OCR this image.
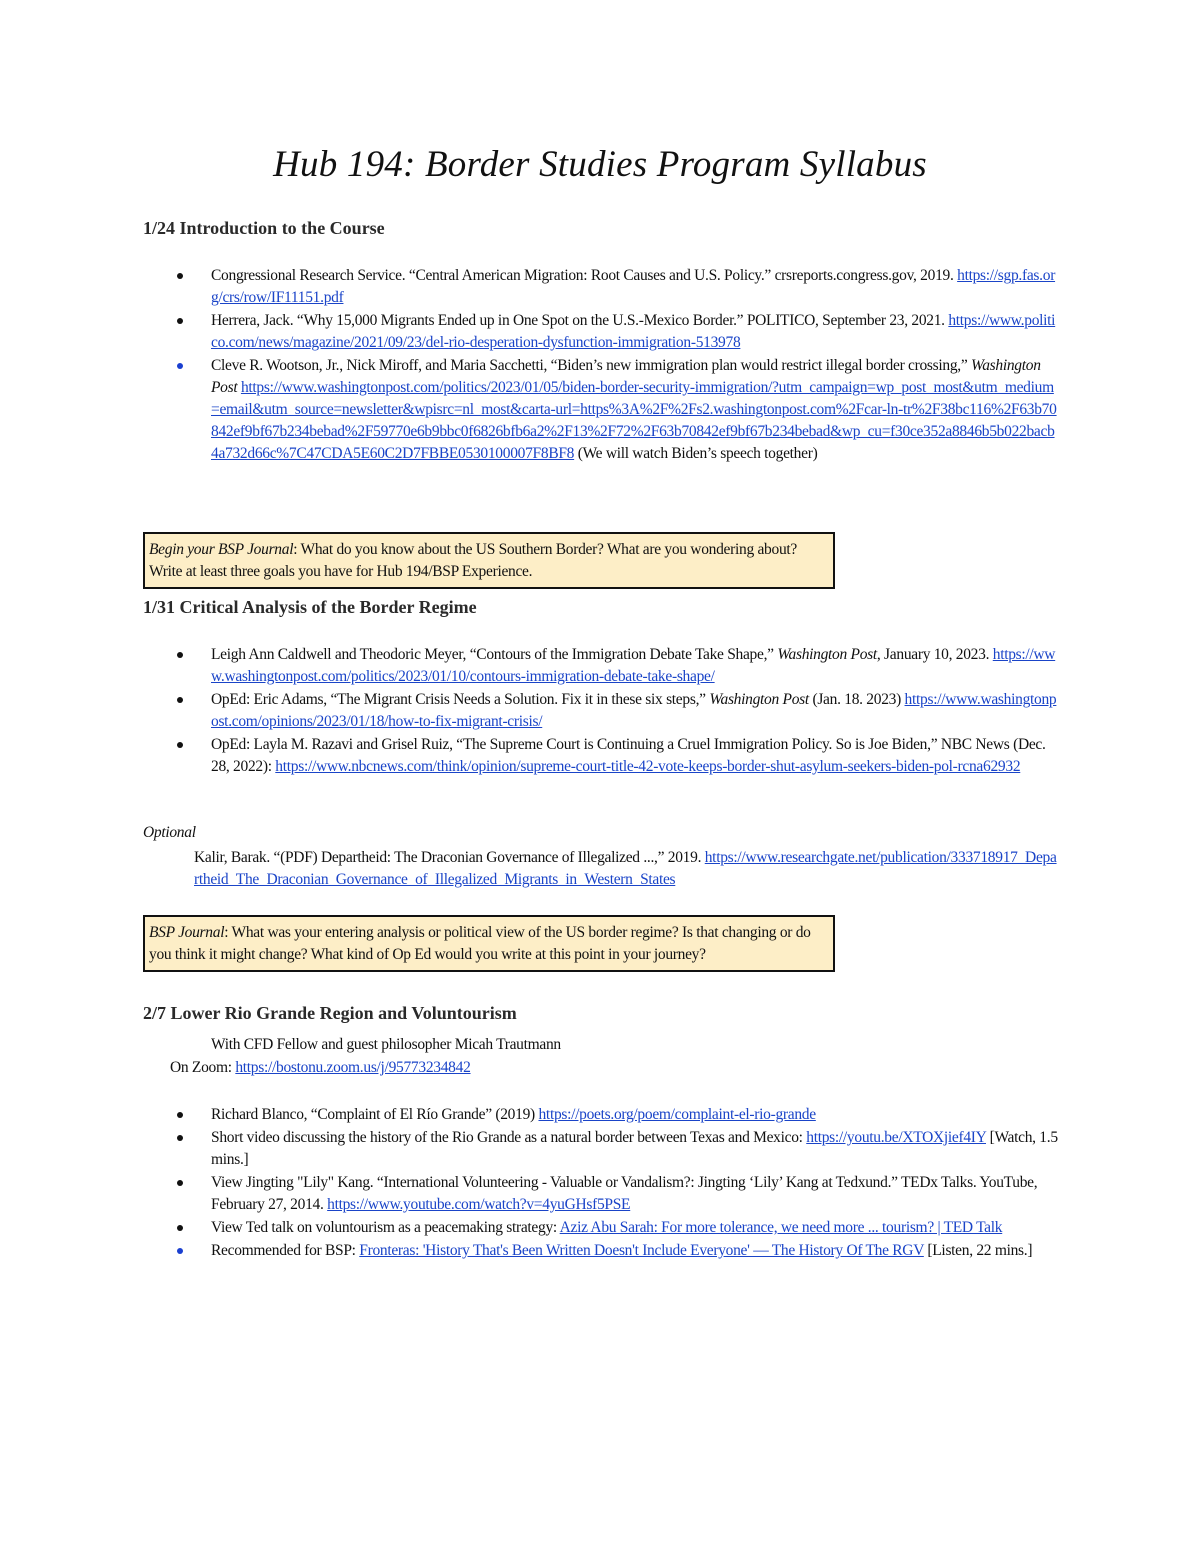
Hub 194: Border Studies Program Syllabus
1/24 Introduction to the Course
Congressional Research Service. “Central American Migration: Root Causes and U.S. Policy.” crsreports.congress.gov, 2019. https://sgp.fas.org/crs/row/IF11151.pdf
Herrera, Jack. “Why 15,000 Migrants Ended up in One Spot on the U.S.-Mexico Border.” POLITICO, September 23, 2021. https://www.politico.com/news/magazine/2021/09/23/del-rio-desperation-dysfunction-immigration-513978
Cleve R. Wootson, Jr., Nick Miroff, and Maria Sacchetti, “Biden’s new immigration plan would restrict illegal border crossing,” Washington Post https://www.washingtonpost.com/politics/2023/01/05/biden-border-security-immigration/?utm_campaign=wp_post_most&utm_medium=email&utm_source=newsletter&wpisrc=nl_most&carta-url=https%3A%2F%2Fs2.washingtonpost.com%2Fcar-ln-tr%2F38bc116%2F63b70842ef9bf67b234bebad%2F59770e6b9bbc0f6826bfb6a2%2F13%2F72%2F63b70842ef9bf67b234bebad&wp_cu=f30ce352a8846b5b022bacb4a732d66c%7C47CDA5E60C2D7FBBE0530100007F8BF8 (We will watch Biden’s speech together)
Begin your BSP Journal: What do you know about the US Southern Border? What are you wondering about? Write at least three goals you have for Hub 194/BSP Experience.
1/31 Critical Analysis of the Border Regime
Leigh Ann Caldwell and Theodoric Meyer, “Contours of the Immigration Debate Take Shape,” Washington Post, January 10, 2023. https://www.washingtonpost.com/politics/2023/01/10/contours-immigration-debate-take-shape/
OpEd: Eric Adams, “The Migrant Crisis Needs a Solution. Fix it in these six steps,” Washington Post (Jan. 18. 2023) https://www.washingtonpost.com/opinions/2023/01/18/how-to-fix-migrant-crisis/
OpEd: Layla M. Razavi and Grisel Ruiz, “The Supreme Court is Continuing a Cruel Immigration Policy. So is Joe Biden,” NBC News (Dec. 28, 2022): https://www.nbcnews.com/think/opinion/supreme-court-title-42-vote-keeps-border-shut-asylum-seekers-biden-pol-rcna62932

Optional

Kalir, Barak. “(PDF) Departheid: The Draconian Governance of Illegalized ...,” 2019. https://www.researchgate.net/publication/333718917_Departheid_The_Draconian_Governance_of_Illegalized_Migrants_in_Western_States
BSP Journal: What was your entering analysis or political view of the US border regime? Is that changing or do you think it might change? What kind of Op Ed would you write at this point in your journey?
2/7 Lower Rio Grande Region and Voluntourism

With CFD Fellow and guest philosopher Micah Trautmann

On Zoom: https://bostonu.zoom.us/j/95773234842
Richard Blanco, “Complaint of El Río Grande” (2019) https://poets.org/poem/complaint-el-rio-grande
Short video discussing the history of the Rio Grande as a natural border between Texas and Mexico: https://youtu.be/XTOXjief4IY [Watch, 1.5 mins.]
View Jingting "Lily" Kang. “International Volunteering - Valuable or Vandalism?: Jingting ‘Lily’ Kang at Tedxund.” TEDx Talks. YouTube, February 27, 2014. https://www.youtube.com/watch?v=4yuGHsf5PSE
View Ted talk on voluntourism as a peacemaking strategy: Aziz Abu Sarah: For more tolerance, we need more ... tourism? | TED Talk
Recommended for BSP: Fronteras: 'History That's Been Written Doesn't Include Everyone' — The History Of The RGV [Listen, 22 mins.]
